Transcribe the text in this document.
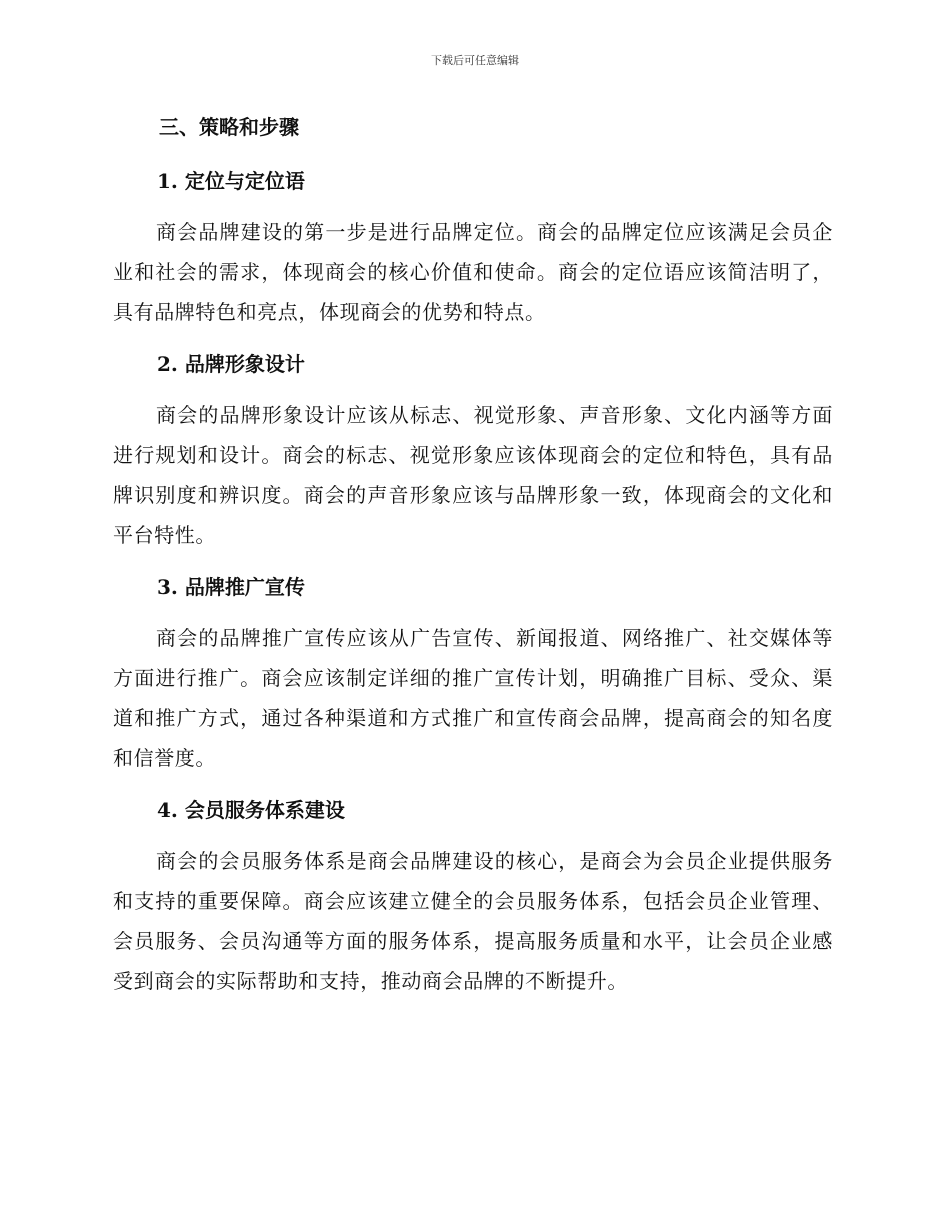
下载后可任意编辑
三、策略和步骤
1. 定位与定位语

商会品牌建设的第一步是进行品牌定位。商会的品牌定位应该满足会员企业和社会的需求，体现商会的核心价值和使命。商会的定位语应该简洁明了，具有品牌特色和亮点，体现商会的优势和特点。

2. 品牌形象设计

商会的品牌形象设计应该从标志、视觉形象、声音形象、文化内涵等方面进行规划和设计。商会的标志、视觉形象应该体现商会的定位和特色，具有品牌识别度和辨识度。商会的声音形象应该与品牌形象一致，体现商会的文化和平台特性。

3. 品牌推广宣传

商会的品牌推广宣传应该从广告宣传、新闻报道、网络推广、社交媒体等方面进行推广。商会应该制定详细的推广宣传计划，明确推广目标、受众、渠道和推广方式，通过各种渠道和方式推广和宣传商会品牌，提高商会的知名度和信誉度。

4. 会员服务体系建设

商会的会员服务体系是商会品牌建设的核心，是商会为会员企业提供服务和支持的重要保障。商会应该建立健全的会员服务体系，包括会员企业管理、会员服务、会员沟通等方面的服务体系，提高服务质量和水平，让会员企业感受到商会的实际帮助和支持，推动商会品牌的不断提升。
